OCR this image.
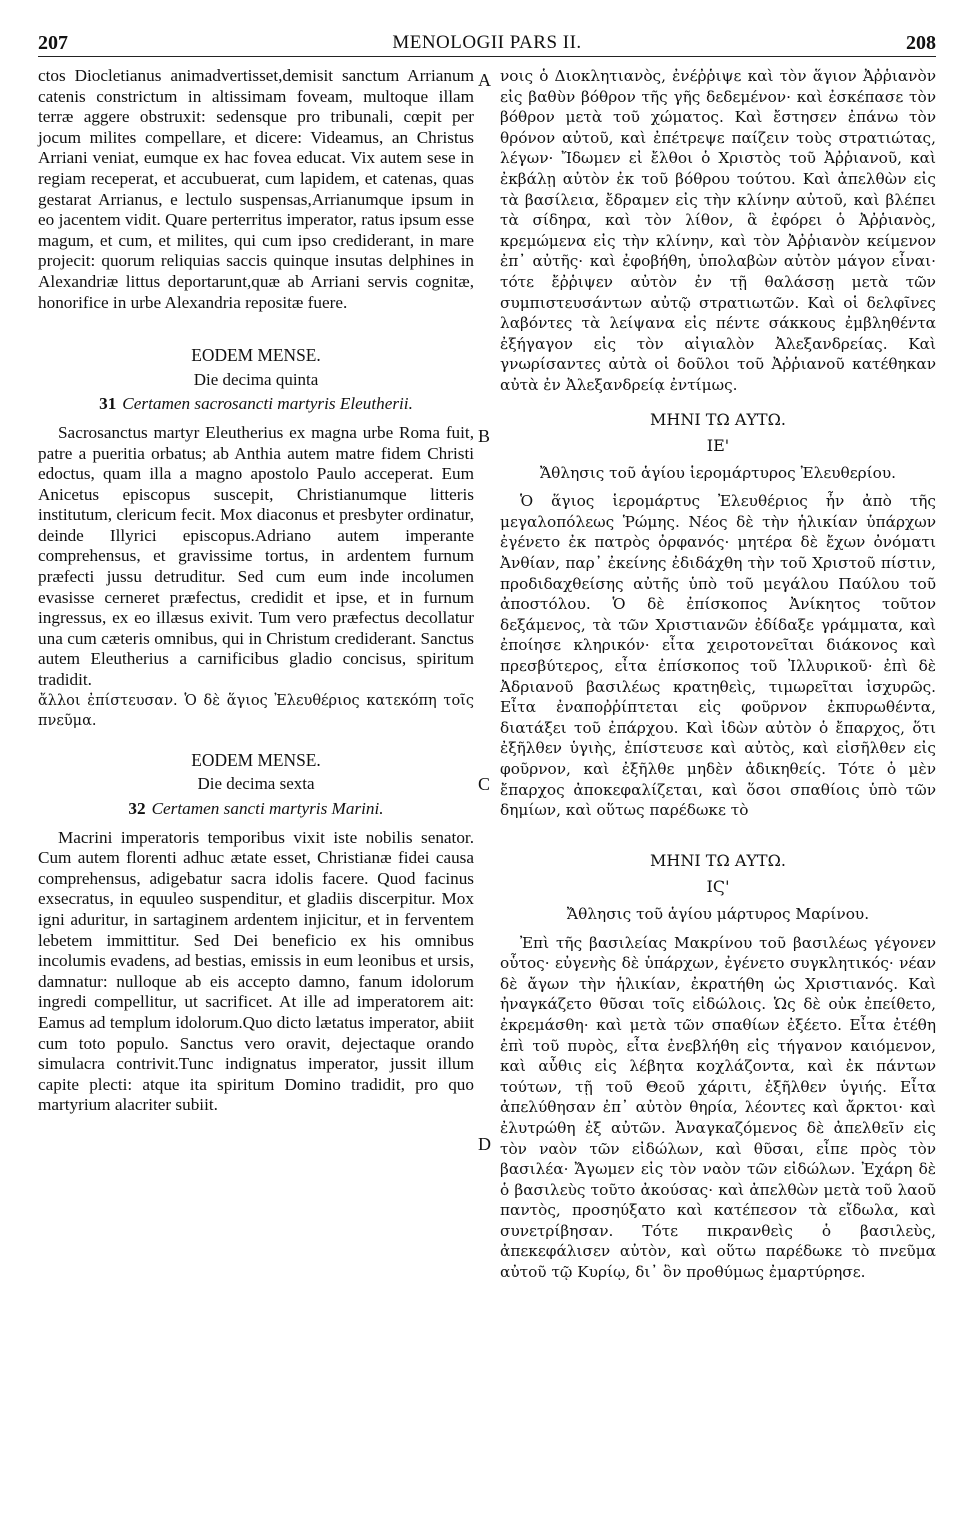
207	MENOLOGII PARS II.	208
A
B
C
D

ctos Diocletianus animadvertisset,demisit sanctum Arrianum catenis constrictum in altissimam foveam, multoque illam terræ aggere obstruxit: sedensque pro tribunali, cœpit per jocum milites compellare, et dicere: Videamus, an Christus Arriani veniat, eumque ex hac fovea educat. Vix autem sese in regiam receperat, et accubuerat, cum lapidem, et catenas, quas gestarat Arrianus, e lectulo suspensas,Arrianumque ipsum in eo jacentem vidit. Quare perterritus imperator, ratus ipsum esse magum, et cum, et milites, qui cum ipso crediderant, in mare projecit: quorum reliquias saccis quinque insutas delphines in Alexandriæ littus deportarunt,quæ ab Arriani servis cognitæ, honorifice in urbe Alexandria repositæ fuere.

EODEM MENSE.

Die decima quinta

31 Certamen sacrosancti martyris Eleutherii.

Sacrosanctus martyr Eleutherius ex magna urbe Roma fuit, patre a pueritia orbatus; ab Anthia autem matre fidem Christi edoctus, quam illa a magno apostolo Paulo acceperat. Eum Anicetus episcopus suscepit, Christianumque litteris institutum, clericum fecit. Mox diaconus et presbyter ordinatur, deinde Illyrici episcopus.Adriano autem imperante comprehensus, et gravissime tortus, in ardentem furnum præfecti jussu detruditur. Sed cum eum inde incolumen evasisse cerneret præfectus, credidit et ipse, et in furnum ingressus, ex eo illæsus exivit. Tum vero præfectus decollatur una cum cæteris omnibus, qui in Christum crediderant. Sanctus autem Eleutherius a carnificibus gladio concisus, spiritum tradidit.

ἄλλοι ἐπίστευσαν. Ὁ δὲ ἅγιος Ἐλευθέριος κατεκόπη τοῖς πνεῦμα.

EODEM MENSE.

Die decima sexta

32 Certamen sancti martyris Marini.

Macrini imperatoris temporibus vixit iste nobilis senator. Cum autem florenti adhuc ætate esset, Christianæ fidei causa comprehensus, adigebatur sacra idolis facere. Quod facinus exsecratus, in equuleo suspenditur, et gladiis discerpitur. Mox igni aduritur, in sartaginem ardentem injicitur, et in ferventem lebetem immittitur. Sed Dei beneficio ex his omnibus incolumis evadens, ad bestias, emissis in eum leonibus et ursis, damnatur: nulloque ab eis accepto damno, fanum idolorum ingredi compellitur, ut sacrificet. At ille ad imperatorem ait: Eamus ad templum idolorum.Quo dicto lætatus imperator, abiit cum toto populo. Sanctus vero oravit, dejectaque orando simulacra contrivit.Tunc indignatus imperator, jussit illum capite plecti: atque ita spiritum Domino tradidit, pro quo martyrium alacriter subiit.

νοις ὁ Διοκλητιανὸς, ἐνέῤῥιψε καὶ τὸν ἅγιον Ἀῤῥιανὸν εἰς βαθὺν βόθρον τῆς γῆς δεδεμένον· καὶ ἐσκέπασε τὸν βόθρον μετὰ τοῦ χώματος. Καὶ ἔστησεν ἐπάνω τὸν θρόνον αὐτοῦ, καὶ ἐπέτρεψε παίζειν τοὺς στρατιώτας, λέγων· Ἴδωμεν εἰ ἔλθοι ὁ Χριστὸς τοῦ Ἀῤῥιανοῦ, καὶ ἐκβάλῃ αὐτὸν ἐκ τοῦ βόθρου τούτου. Καὶ ἀπελθὼν εἰς τὰ βασίλεια, ἔδραμεν εἰς τὴν κλίνην αὐτοῦ, καὶ βλέπει τὰ σίδηρα, καὶ τὸν λίθον, ἃ ἐφόρει ὁ Ἀῤῥιανὸς, κρεμώμενα εἰς τὴν κλίνην, καὶ τὸν Ἀῤῥιανὸν κείμενον ἐπ᾽ αὐτῆς· καὶ ἐφοβήθη, ὑπολαβὼν αὐτὸν μάγον εἶναι· τότε ἔῤῥιψεν αὐτὸν ἐν τῇ θαλάσσῃ μετὰ τῶν συμπιστευσάντων αὐτῷ στρατιωτῶν. Καὶ οἱ δελφῖνες λαβόντες τὰ λείψανα εἰς πέντε σάκκους ἐμβληθέντα ἐξήγαγον εἰς τὸν αἰγιαλὸν Ἀλεξανδρείας. Καὶ γνωρίσαντες αὐτὰ οἱ δοῦλοι τοῦ Ἀῤῥιανοῦ κατέθηκαν αὐτὰ ἐν Ἀλεξανδρείᾳ ἐντίμως.

ΜΗΝΙ ΤΩ ΑΥΤΩ.

ΙΕ'

Ἄθλησις τοῦ ἁγίου ἱερομάρτυρος Ἐλευθερίου.

Ὁ ἅγιος ἱερομάρτυς Ἐλευθέριος ἦν ἀπὸ τῆς μεγαλοπόλεως Ῥώμης. Νέος δὲ τὴν ἡλικίαν ὑπάρχων ἐγένετο ἐκ πατρὸς ὀρφανός· μητέρα δὲ ἔχων ὀνόματι Ἀνθίαν, παρ᾽ ἐκείνης ἐδιδάχθη τὴν τοῦ Χριστοῦ πίστιν, προδιδαχθείσης αὐτῆς ὑπὸ τοῦ μεγάλου Παύλου τοῦ ἀποστόλου. Ὁ δὲ ἐπίσκοπος Ἀνίκητος τοῦτον δεξάμενος, τὰ τῶν Χριστιανῶν ἐδίδαξε γράμματα, καὶ ἐποίησε κληρικόν· εἶτα χειροτονεῖται διάκονος καὶ πρεσβύτερος, εἶτα ἐπίσκοπος τοῦ Ἰλλυρικοῦ· ἐπὶ δὲ Ἀδριανοῦ βασιλέως κρατηθεὶς, τιμωρεῖται ἰσχυρῶς. Εἶτα ἐναποῤῥίπτεται εἰς φοῦρνον ἐκπυρωθέντα, διατάξει τοῦ ἐπάρχου. Καὶ ἰδὼν αὐτὸν ὁ ἔπαρχος, ὅτι ἐξῆλθεν ὑγιὴς, ἐπίστευσε καὶ αὐτὸς, καὶ εἰσῆλθεν εἰς φοῦρνον, καὶ ἐξῆλθε μηδὲν ἀδικηθείς. Τότε ὁ μὲν ἔπαρχος ἀποκεφαλίζεται, καὶ ὅσοι σπαθίοις ὑπὸ τῶν δημίων, καὶ οὕτως παρέδωκε τὸ

ΜΗΝΙ ΤΩ ΑΥΤΩ.

ΙϚ'

Ἄθλησις τοῦ ἁγίου μάρτυρος Μαρίνου.

Ἐπὶ τῆς βασιλείας Μακρίνου τοῦ βασιλέως γέγονεν οὗτος· εὐγενὴς δὲ ὑπάρχων, ἐγένετο συγκλητικός· νέαν δὲ ἄγων τὴν ἡλικίαν, ἐκρατήθη ὡς Χριστιανός. Καὶ ἠναγκάζετο θῦσαι τοῖς εἰδώλοις. Ὡς δὲ οὐκ ἐπείθετο, ἐκρεμάσθη· καὶ μετὰ τῶν σπαθίων ἐξέετο. Εἶτα ἐτέθη ἐπὶ τοῦ πυρὸς, εἶτα ἐνεβλήθη εἰς τήγανον καιόμενον, καὶ αὖθις εἰς λέβητα κοχλάζοντα, καὶ ἐκ πάντων τούτων, τῇ τοῦ Θεοῦ χάριτι, ἐξῆλθεν ὑγιής. Εἶτα ἀπελύθησαν ἐπ᾽ αὐτὸν θηρία, λέοντες καὶ ἄρκτοι· καὶ ἐλυτρώθη ἐξ αὐτῶν. Ἀναγκαζόμενος δὲ ἀπελθεῖν εἰς τὸν ναὸν τῶν εἰδώλων, καὶ θῦσαι, εἶπε πρὸς τὸν βασιλέα· Ἄγωμεν εἰς τὸν ναὸν τῶν εἰδώλων. Ἐχάρη δὲ ὁ βασιλεὺς τοῦτο ἀκούσας· καὶ ἀπελθὼν μετὰ τοῦ λαοῦ παντὸς, προσηύξατο καὶ κατέπεσον τὰ εἴδωλα, καὶ συνετρίβησαν. Τότε πικρανθεὶς ὁ βασιλεὺς, ἀπεκεφάλισεν αὐτὸν, καὶ οὕτω παρέδωκε τὸ πνεῦμα αὐτοῦ τῷ Κυρίῳ, δι᾽ ὃν προθύμως ἐμαρτύρησε.
